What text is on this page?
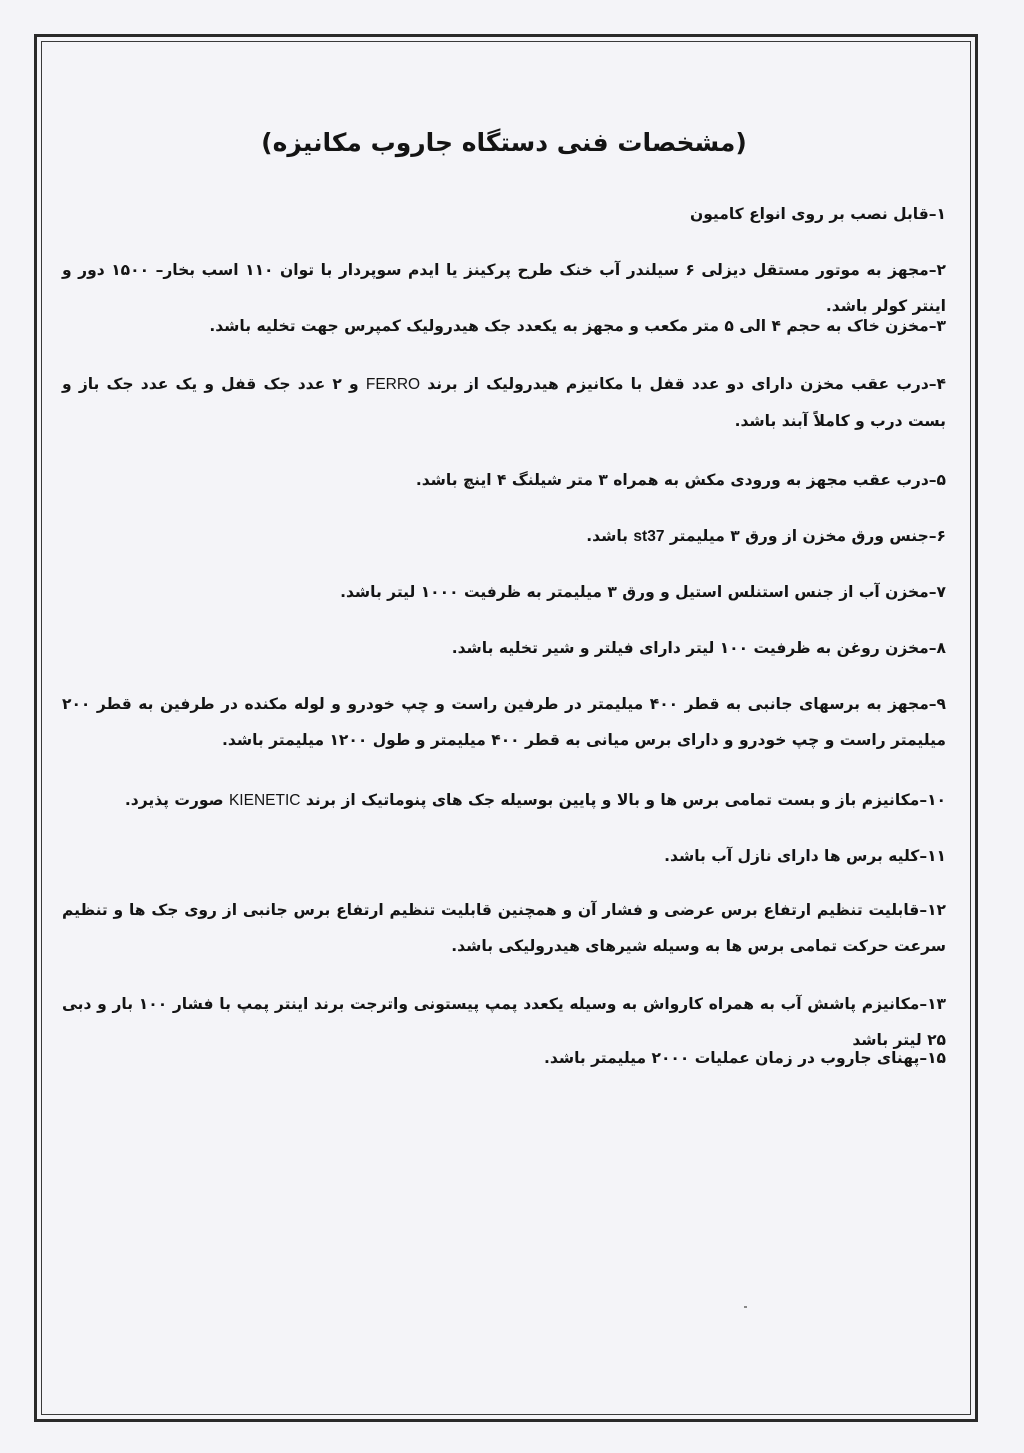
(مشخصات فنی دستگاه جاروب مکانیزه)

۱–قابل نصب بر روی انواع کامیون

۲–مجهز به موتور مستقل دیزلی ۶ سیلندر آب خنک طرح پرکینز یا ایدم سوپردار با توان ۱۱۰ اسب بخار– ۱۵۰۰ دور و اینتر کولر باشد.

۳–مخزن خاک به حجم ۴ الی ۵ متر مکعب و مجهز به یکعدد جک هیدرولیک کمپرس جهت تخلیه باشد.

۴–درب عقب مخزن دارای دو عدد قفل با مکانیزم هیدرولیک از برند FERRO و ۲ عدد جک قفل و یک عدد جک باز و بست درب و کاملاً آبند باشد.

۵–درب عقب مجهز به ورودی مکش به همراه ۳ متر شیلنگ ۴ اینچ باشد.

۶–جنس ورق مخزن از ورق ۳ میلیمتر st37 باشد.

۷–مخزن آب از جنس استنلس استیل و ورق ۳ میلیمتر به ظرفیت ۱۰۰۰ لیتر باشد.

۸–مخزن روغن به ظرفیت ۱۰۰ لیتر دارای فیلتر و شیر تخلیه باشد.

۹–مجهز به برسهای جانبی به قطر ۴۰۰ میلیمتر در طرفین راست و چپ خودرو و لوله مکنده در طرفین به قطر ۲۰۰ میلیمتر راست و چپ خودرو و دارای برس میانی به قطر ۴۰۰ میلیمتر و طول ۱۲۰۰ میلیمتر باشد.

۱۰–مکانیزم باز و بست تمامی برس ها و بالا و پایین بوسیله جک های پنوماتیک از برند KIENETIC صورت پذیرد.

۱۱–کلیه برس ها دارای نازل آب باشد.

۱۲–قابلیت تنظیم ارتفاع برس عرضی و فشار آن و همچنین قابلیت تنظیم ارتفاع برس جانبی از روی جک ها و تنظیم سرعت حرکت تمامی برس ها به وسیله شیرهای هیدرولیکی باشد.

۱۳–مکانیزم پاشش آب به همراه کارواش به وسیله یکعدد پمپ پیستونی واترجت برند اینتر پمپ با فشار ۱۰۰ بار و دبی ۲۵ لیتر باشد

۱۵–پهنای جاروب در زمان عملیات ۲۰۰۰ میلیمتر باشد.
